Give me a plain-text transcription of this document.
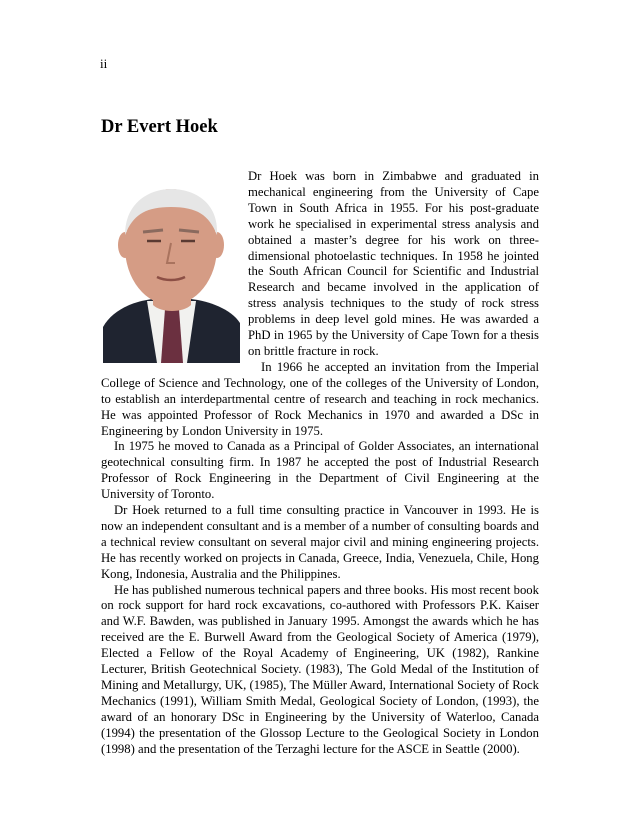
ii
Dr Evert Hoek

Dr Hoek was born in Zimbabwe and graduated in mechanical engineering from the University of Cape Town in South Africa in 1955. For his post-graduate work he specialised in experimental stress analysis and obtained a master’s degree for his work on three-dimensional photoelastic techniques. In 1958 he jointed the South African Council for Scientific and Industrial Research and became involved in the application of stress analysis techniques to the study of rock stress problems in deep level gold mines. He was awarded a PhD in 1965 by the University of Cape Town for a thesis on brittle fracture in rock.

In 1966 he accepted an invitation from the Imperial College of Science and Technology, one of the colleges of the University of London, to establish an interdepartmental centre of research and teaching in rock mechanics. He was appointed Professor of Rock Mechanics in 1970 and awarded a DSc in Engineering by London University in 1975.

In 1975 he moved to Canada as a Principal of Golder Associates, an international geotechnical consulting firm. In 1987 he accepted the post of Industrial Research Professor of Rock Engineering in the Department of Civil Engineering at the University of Toronto.

Dr Hoek returned to a full time consulting practice in Vancouver in 1993. He is now an independent consultant and is a member of a number of consulting boards and a technical review consultant on several major civil and mining engineering projects. He has recently worked on projects in Canada, Greece, India, Venezuela, Chile, Hong Kong, Indonesia, Australia and the Philippines.

He has published numerous technical papers and three books. His most recent book on rock support for hard rock excavations, co-authored with Professors P.K. Kaiser and W.F. Bawden, was published in January 1995. Amongst the awards which he has received are the E. Burwell Award from the Geological Society of America (1979), Elected a Fellow of the Royal Academy of Engineering, UK (1982), Rankine Lecturer, British Geotechnical Society. (1983), The Gold Medal of the Institution of Mining and Metallurgy, UK, (1985), The Müller Award, International Society of Rock Mechanics (1991), William Smith Medal, Geological Society of London, (1993), the award of an honorary DSc in Engineering by the University of Waterloo, Canada (1994) the presentation of the Glossop Lecture to the Geological Society in London (1998) and the presentation of the Terzaghi lecture for the ASCE in Seattle (2000).
